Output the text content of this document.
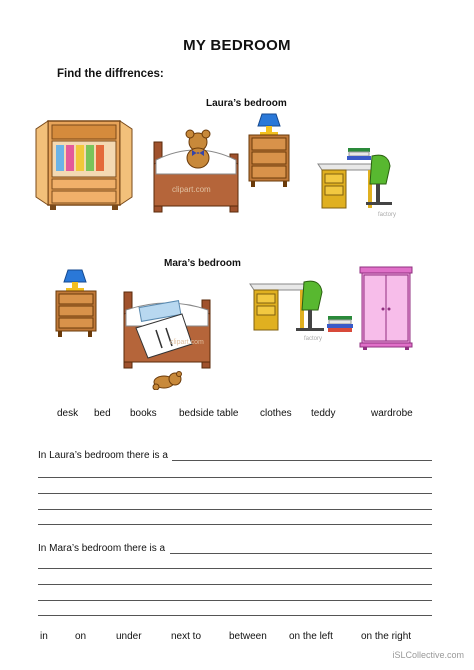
MY BEDROOM
Find the diffrences:
Laura’s bedroom
clipart.com
factory
Mara’s bedroom
clipart.com	factory
desk bed books bedside table clothes teddy	wardrobe
In Laura’s bedroom there is a
In Mara’s bedroom there is a
in	on	under	next to	between on the left	on the right
iSLCollective.com
